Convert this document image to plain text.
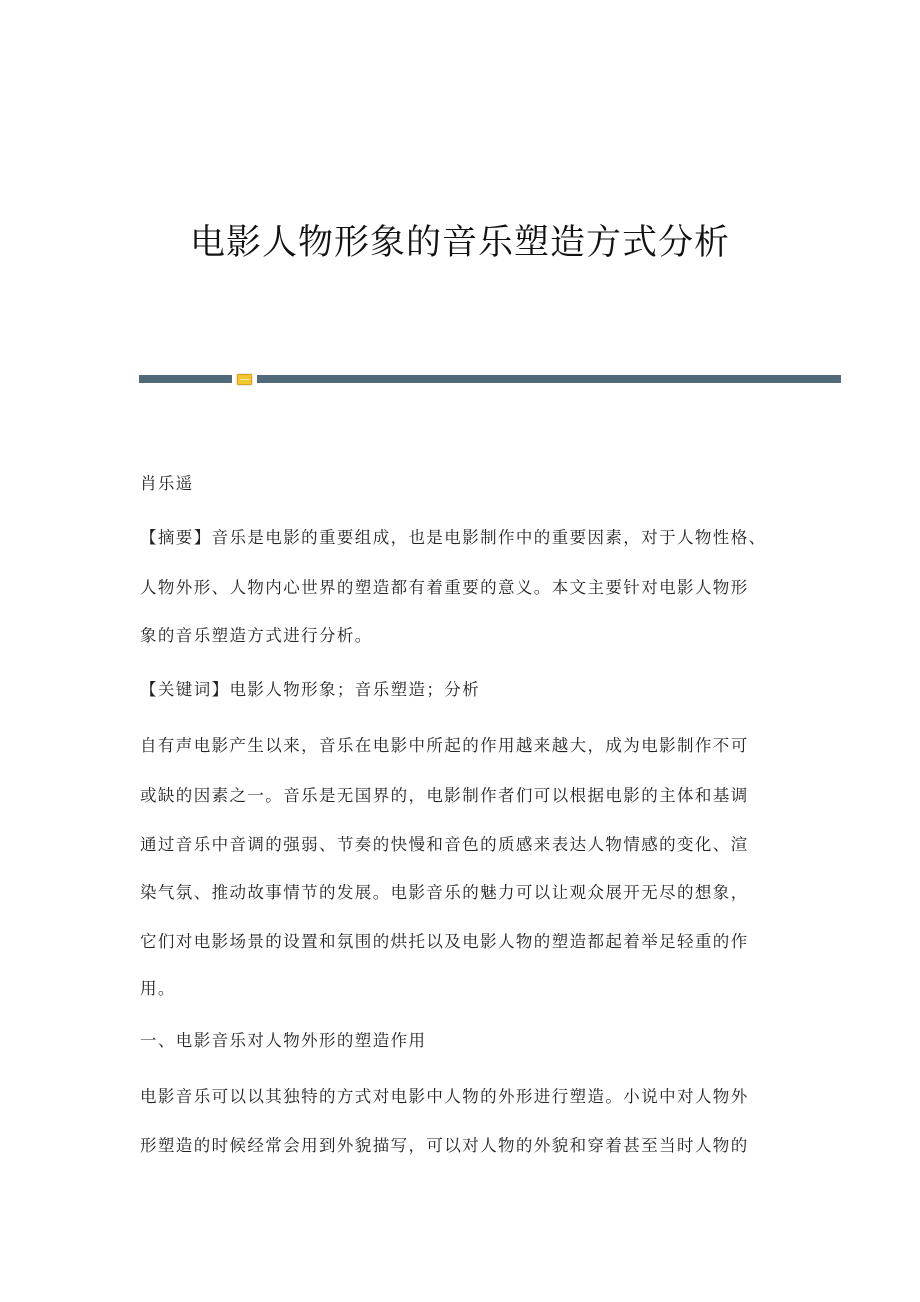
电影人物形象的音乐塑造方式分析
肖乐遥
【摘要】音乐是电影的重要组成，也是电影制作中的重要因素，对于人物性格、
人物外形、人物内心世界的塑造都有着重要的意义。本文主要针对电影人物形
象的音乐塑造方式进行分析。
【关键词】电影人物形象；音乐塑造；分析
自有声电影产生以来，音乐在电影中所起的作用越来越大，成为电影制作不可
或缺的因素之一。音乐是无国界的，电影制作者们可以根据电影的主体和基调
通过音乐中音调的强弱、节奏的快慢和音色的质感来表达人物情感的变化、渲
染气氛、推动故事情节的发展。电影音乐的魅力可以让观众展开无尽的想象，
它们对电影场景的设置和氛围的烘托以及电影人物的塑造都起着举足轻重的作
用。
一、电影音乐对人物外形的塑造作用
电影音乐可以以其独特的方式对电影中人物的外形进行塑造。小说中对人物外
形塑造的时候经常会用到外貌描写，可以对人物的外貌和穿着甚至当时人物的
